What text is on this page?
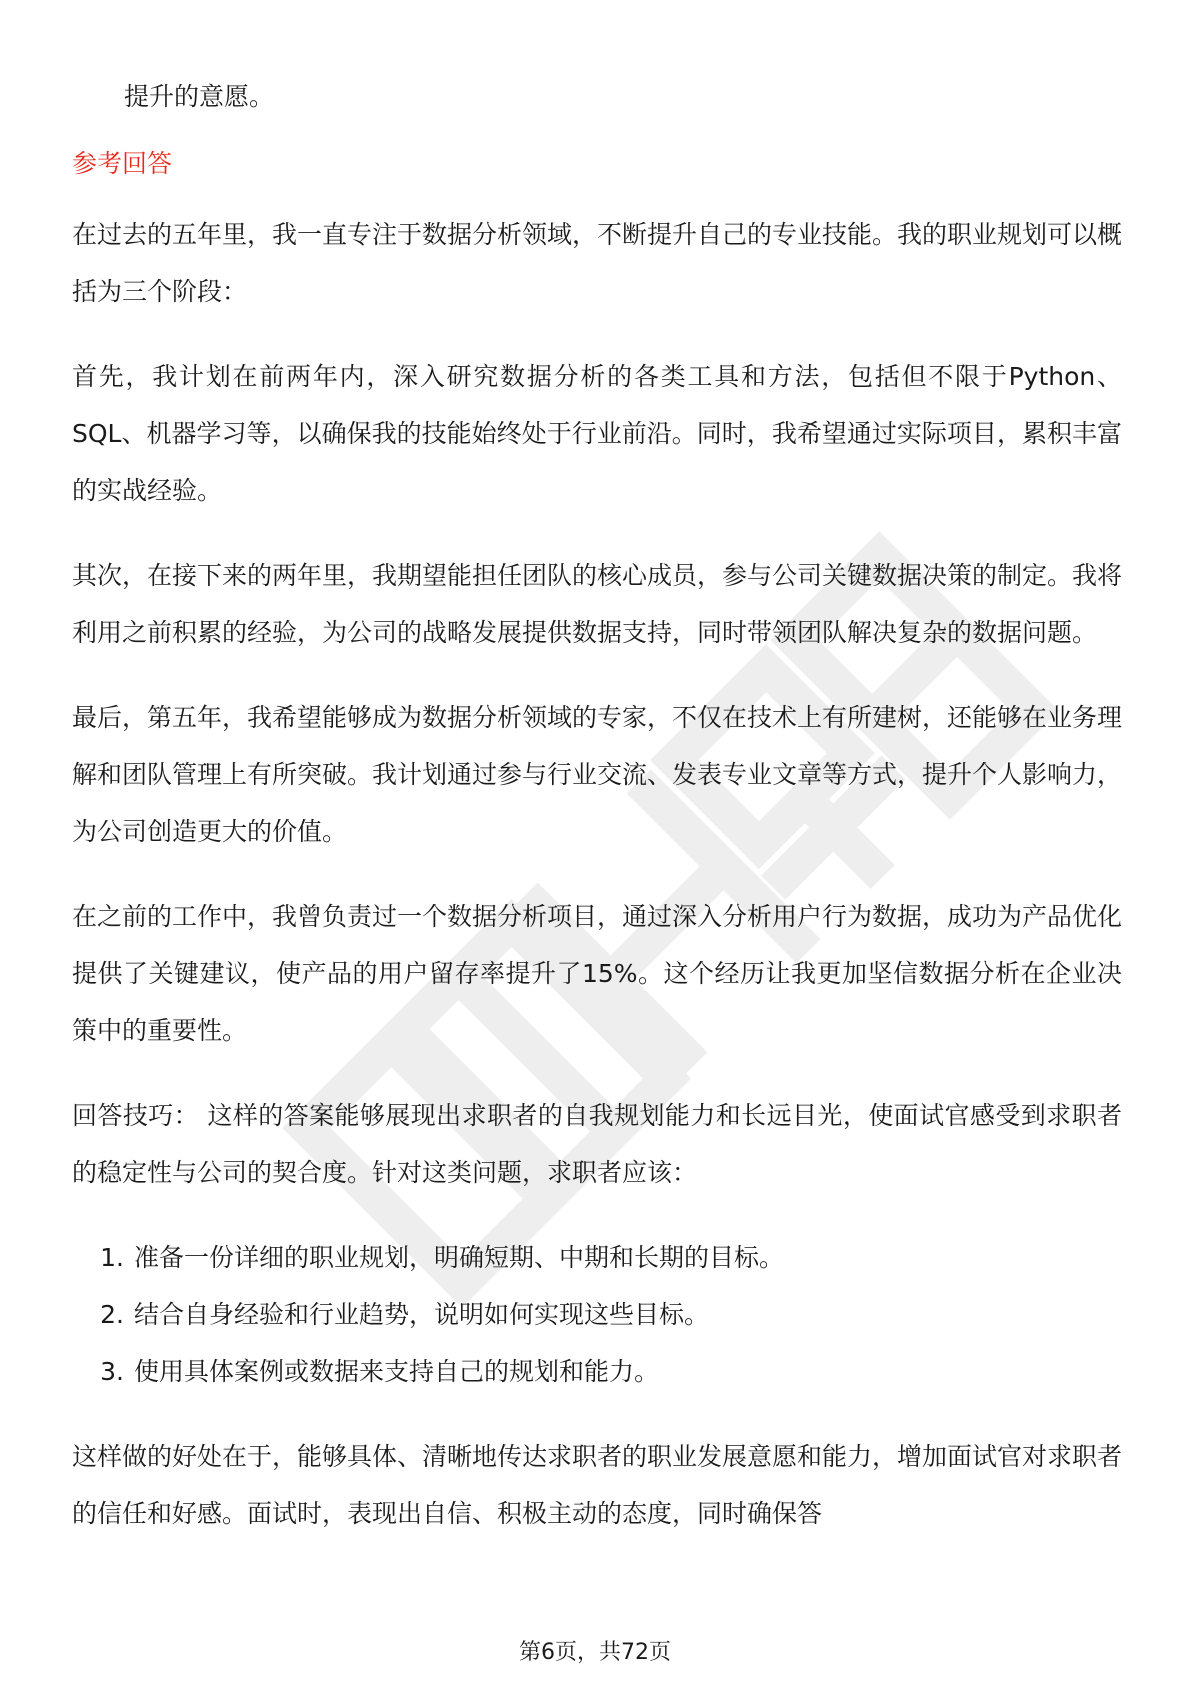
提升的意愿。

参考回答

在过去的五年里，我一直专注于数据分析领域，不断提升自己的专业技能。我的职业规划可以概括为三个阶段：

首先，我计划在前两年内，深入研究数据分析的各类工具和方法，包括但不限于Python、SQL、机器学习等，以确保我的技能始终处于行业前沿。同时，我希望通过实际项目，累积丰富的实战经验。

其次，在接下来的两年里，我期望能担任团队的核心成员，参与公司关键数据决策的制定。我将利用之前积累的经验，为公司的战略发展提供数据支持，同时带领团队解决复杂的数据问题。

最后，第五年，我希望能够成为数据分析领域的专家，不仅在技术上有所建树，还能够在业务理解和团队管理上有所突破。我计划通过参与行业交流、发表专业文章等方式，提升个人影响力，为公司创造更大的价值。

在之前的工作中，我曾负责过一个数据分析项目，通过深入分析用户行为数据，成功为产品优化提供了关键建议，使产品的用户留存率提升了15%。这个经历让我更加坚信数据分析在企业决策中的重要性。

回答技巧： 这样的答案能够展现出求职者的自我规划能力和长远目光，使面试官感受到求职者的稳定性与公司的契合度。针对这类问题，求职者应该：

1. 准备一份详细的职业规划，明确短期、中期和长期的目标。
2. 结合自身经验和行业趋势，说明如何实现这些目标。
3. 使用具体案例或数据来支持自己的规划和能力。

这样做的好处在于，能够具体、清晰地传达求职者的职业发展意愿和能力，增加面试官对求职者的信任和好感。面试时，表现出自信、积极主动的态度，同时确保答

第6页，共72页
